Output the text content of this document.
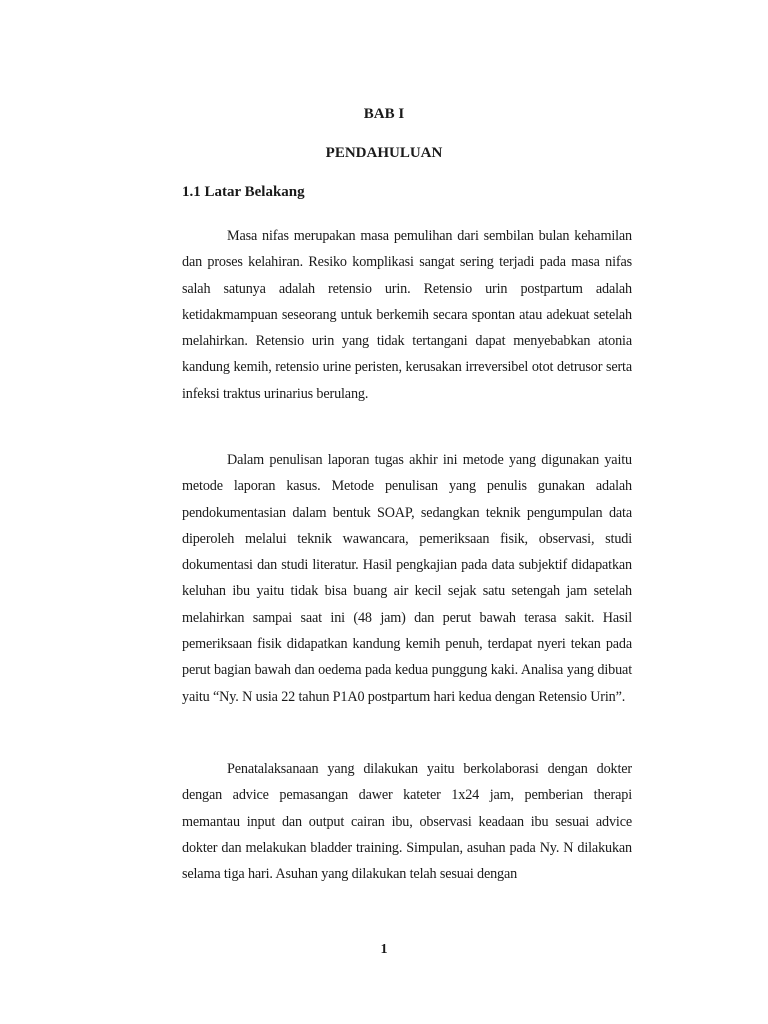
BAB I
PENDAHULUAN
1.1 Latar Belakang

Masa nifas merupakan masa pemulihan dari sembilan bulan kehamilan dan proses kelahiran. Resiko komplikasi sangat sering terjadi pada masa nifas salah satunya adalah retensio urin. Retensio urin postpartum adalah ketidakmampuan seseorang untuk berkemih secara spontan atau adekuat setelah melahirkan. Retensio urin yang tidak tertangani dapat menyebabkan atonia kandung kemih, retensio urine peristen, kerusakan irreversibel otot detrusor serta infeksi traktus urinarius berulang.

Dalam penulisan laporan tugas akhir ini metode yang digunakan yaitu metode laporan kasus. Metode penulisan yang penulis gunakan adalah pendokumentasian dalam bentuk SOAP, sedangkan teknik pengumpulan data diperoleh melalui teknik wawancara, pemeriksaan fisik, observasi, studi dokumentasi dan studi literatur. Hasil pengkajian pada data subjektif didapatkan keluhan ibu yaitu tidak bisa buang air kecil sejak satu setengah jam setelah melahirkan sampai saat ini (48 jam) dan perut bawah terasa sakit. Hasil pemeriksaan fisik didapatkan kandung kemih penuh, terdapat nyeri tekan pada perut bagian bawah dan oedema pada kedua punggung kaki. Analisa yang dibuat yaitu “Ny. N usia 22 tahun P1A0 postpartum hari kedua dengan Retensio Urin”.

Penatalaksanaan yang dilakukan yaitu berkolaborasi dengan dokter dengan advice pemasangan dawer kateter 1x24 jam, pemberian therapi memantau input dan output cairan ibu, observasi keadaan ibu sesuai advice dokter dan melakukan bladder training. Simpulan, asuhan pada Ny. N dilakukan selama tiga hari. Asuhan yang dilakukan telah sesuai dengan

1
